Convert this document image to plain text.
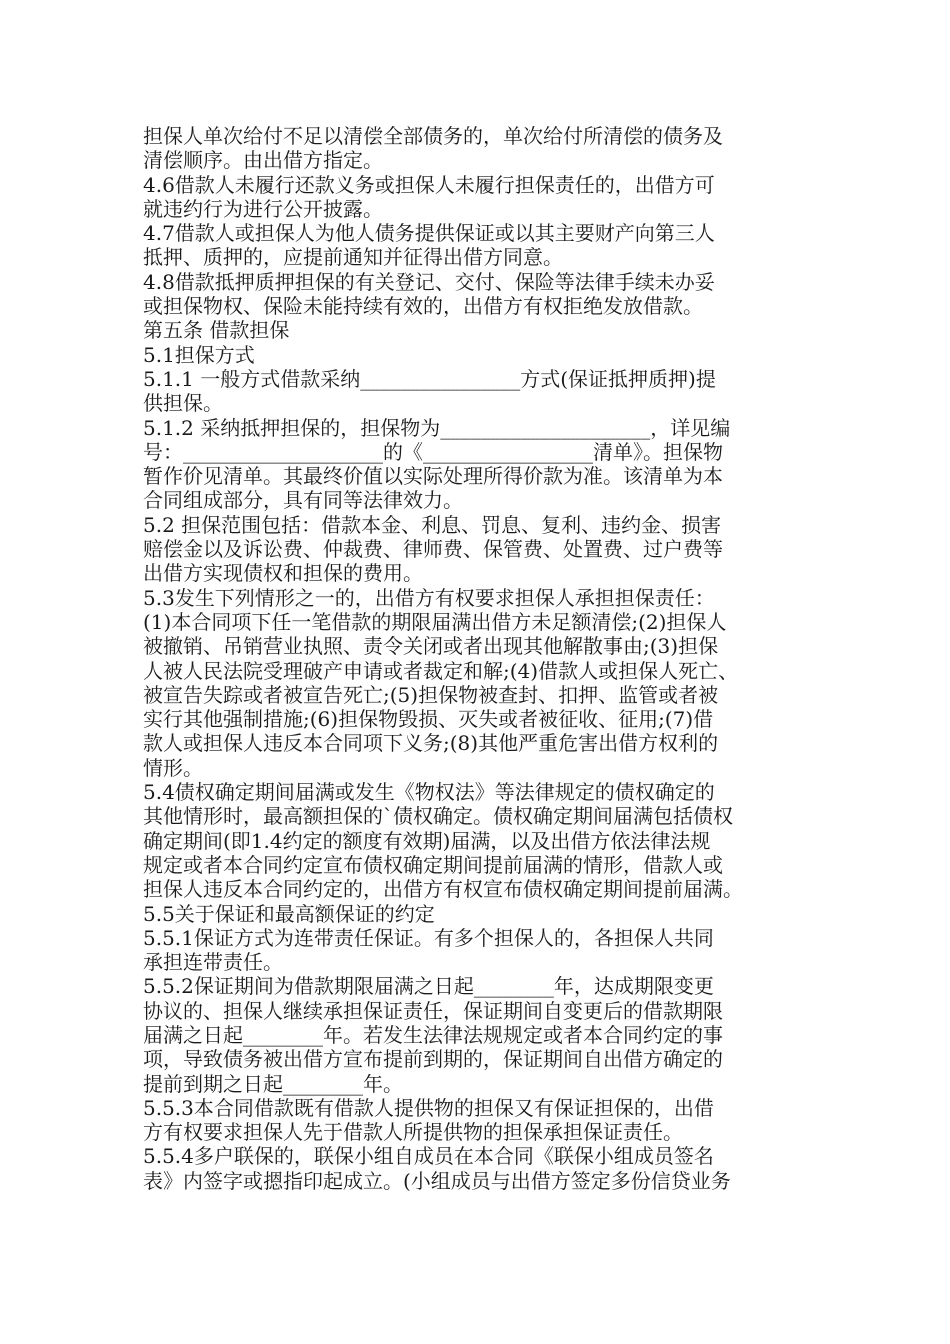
担保人单次给付不足以清偿全部债务的，单次给付所清偿的债务及
清偿顺序。由出借方指定。
4.6借款人未履行还款义务或担保人未履行担保责任的，出借方可
就违约行为进行公开披露。
4.7借款人或担保人为他人债务提供保证或以其主要财产向第三人
抵押、质押的，应提前通知并征得出借方同意。
4.8借款抵押质押担保的有关登记、交付、保险等法律手续未办妥
或担保物权、保险未能持续有效的，出借方有权拒绝发放借款。
第五条 借款担保
5.1担保方式
5.1.1 一般方式借款采纳________________方式(保证抵押质押)提
供担保。
5.1.2 采纳抵押担保的，担保物为_____________________，详见编
号：____________________的《_________________清单》。担保物
暂作价见清单。其最终价值以实际处理所得价款为准。该清单为本
合同组成部分，具有同等法律效力。
5.2 担保范围包括：借款本金、利息、罚息、复利、违约金、损害
赔偿金以及诉讼费、仲裁费、律师费、保管费、处置费、过户费等
出借方实现债权和担保的费用。
5.3发生下列情形之一的，出借方有权要求担保人承担担保责任：
(1)本合同项下任一笔借款的期限届满出借方未足额清偿;(2)担保人
被撤销、吊销营业执照、责令关闭或者出现其他解散事由;(3)担保
人被人民法院受理破产申请或者裁定和解;(4)借款人或担保人死亡、
被宣告失踪或者被宣告死亡;(5)担保物被查封、扣押、监管或者被
实行其他强制措施;(6)担保物毁损、灭失或者被征收、征用;(7)借
款人或担保人违反本合同项下义务;(8)其他严重危害出借方权利的
情形。
5.4债权确定期间届满或发生《物权法》等法律规定的债权确定的
其他情形时，最高额担保的`债权确定。债权确定期间届满包括债权
确定期间(即1.4约定的额度有效期)届满，以及出借方依法律法规
规定或者本合同约定宣布债权确定期间提前届满的情形，借款人或
担保人违反本合同约定的，出借方有权宣布债权确定期间提前届满。
5.5关于保证和最高额保证的约定
5.5.1保证方式为连带责任保证。有多个担保人的，各担保人共同
承担连带责任。
5.5.2保证期间为借款期限届满之日起________年，达成期限变更
协议的、担保人继续承担保证责任，保证期间自变更后的借款期限
届满之日起________年。若发生法律法规规定或者本合同约定的事
项，导致债务被出借方宣布提前到期的，保证期间自出借方确定的
提前到期之日起________年。
5.5.3本合同借款既有借款人提供物的担保又有保证担保的，出借
方有权要求担保人先于借款人所提供物的担保承担保证责任。
5.5.4多户联保的，联保小组自成员在本合同《联保小组成员签名
表》内签字或摁指印起成立。(小组成员与出借方签定多份信贷业务
